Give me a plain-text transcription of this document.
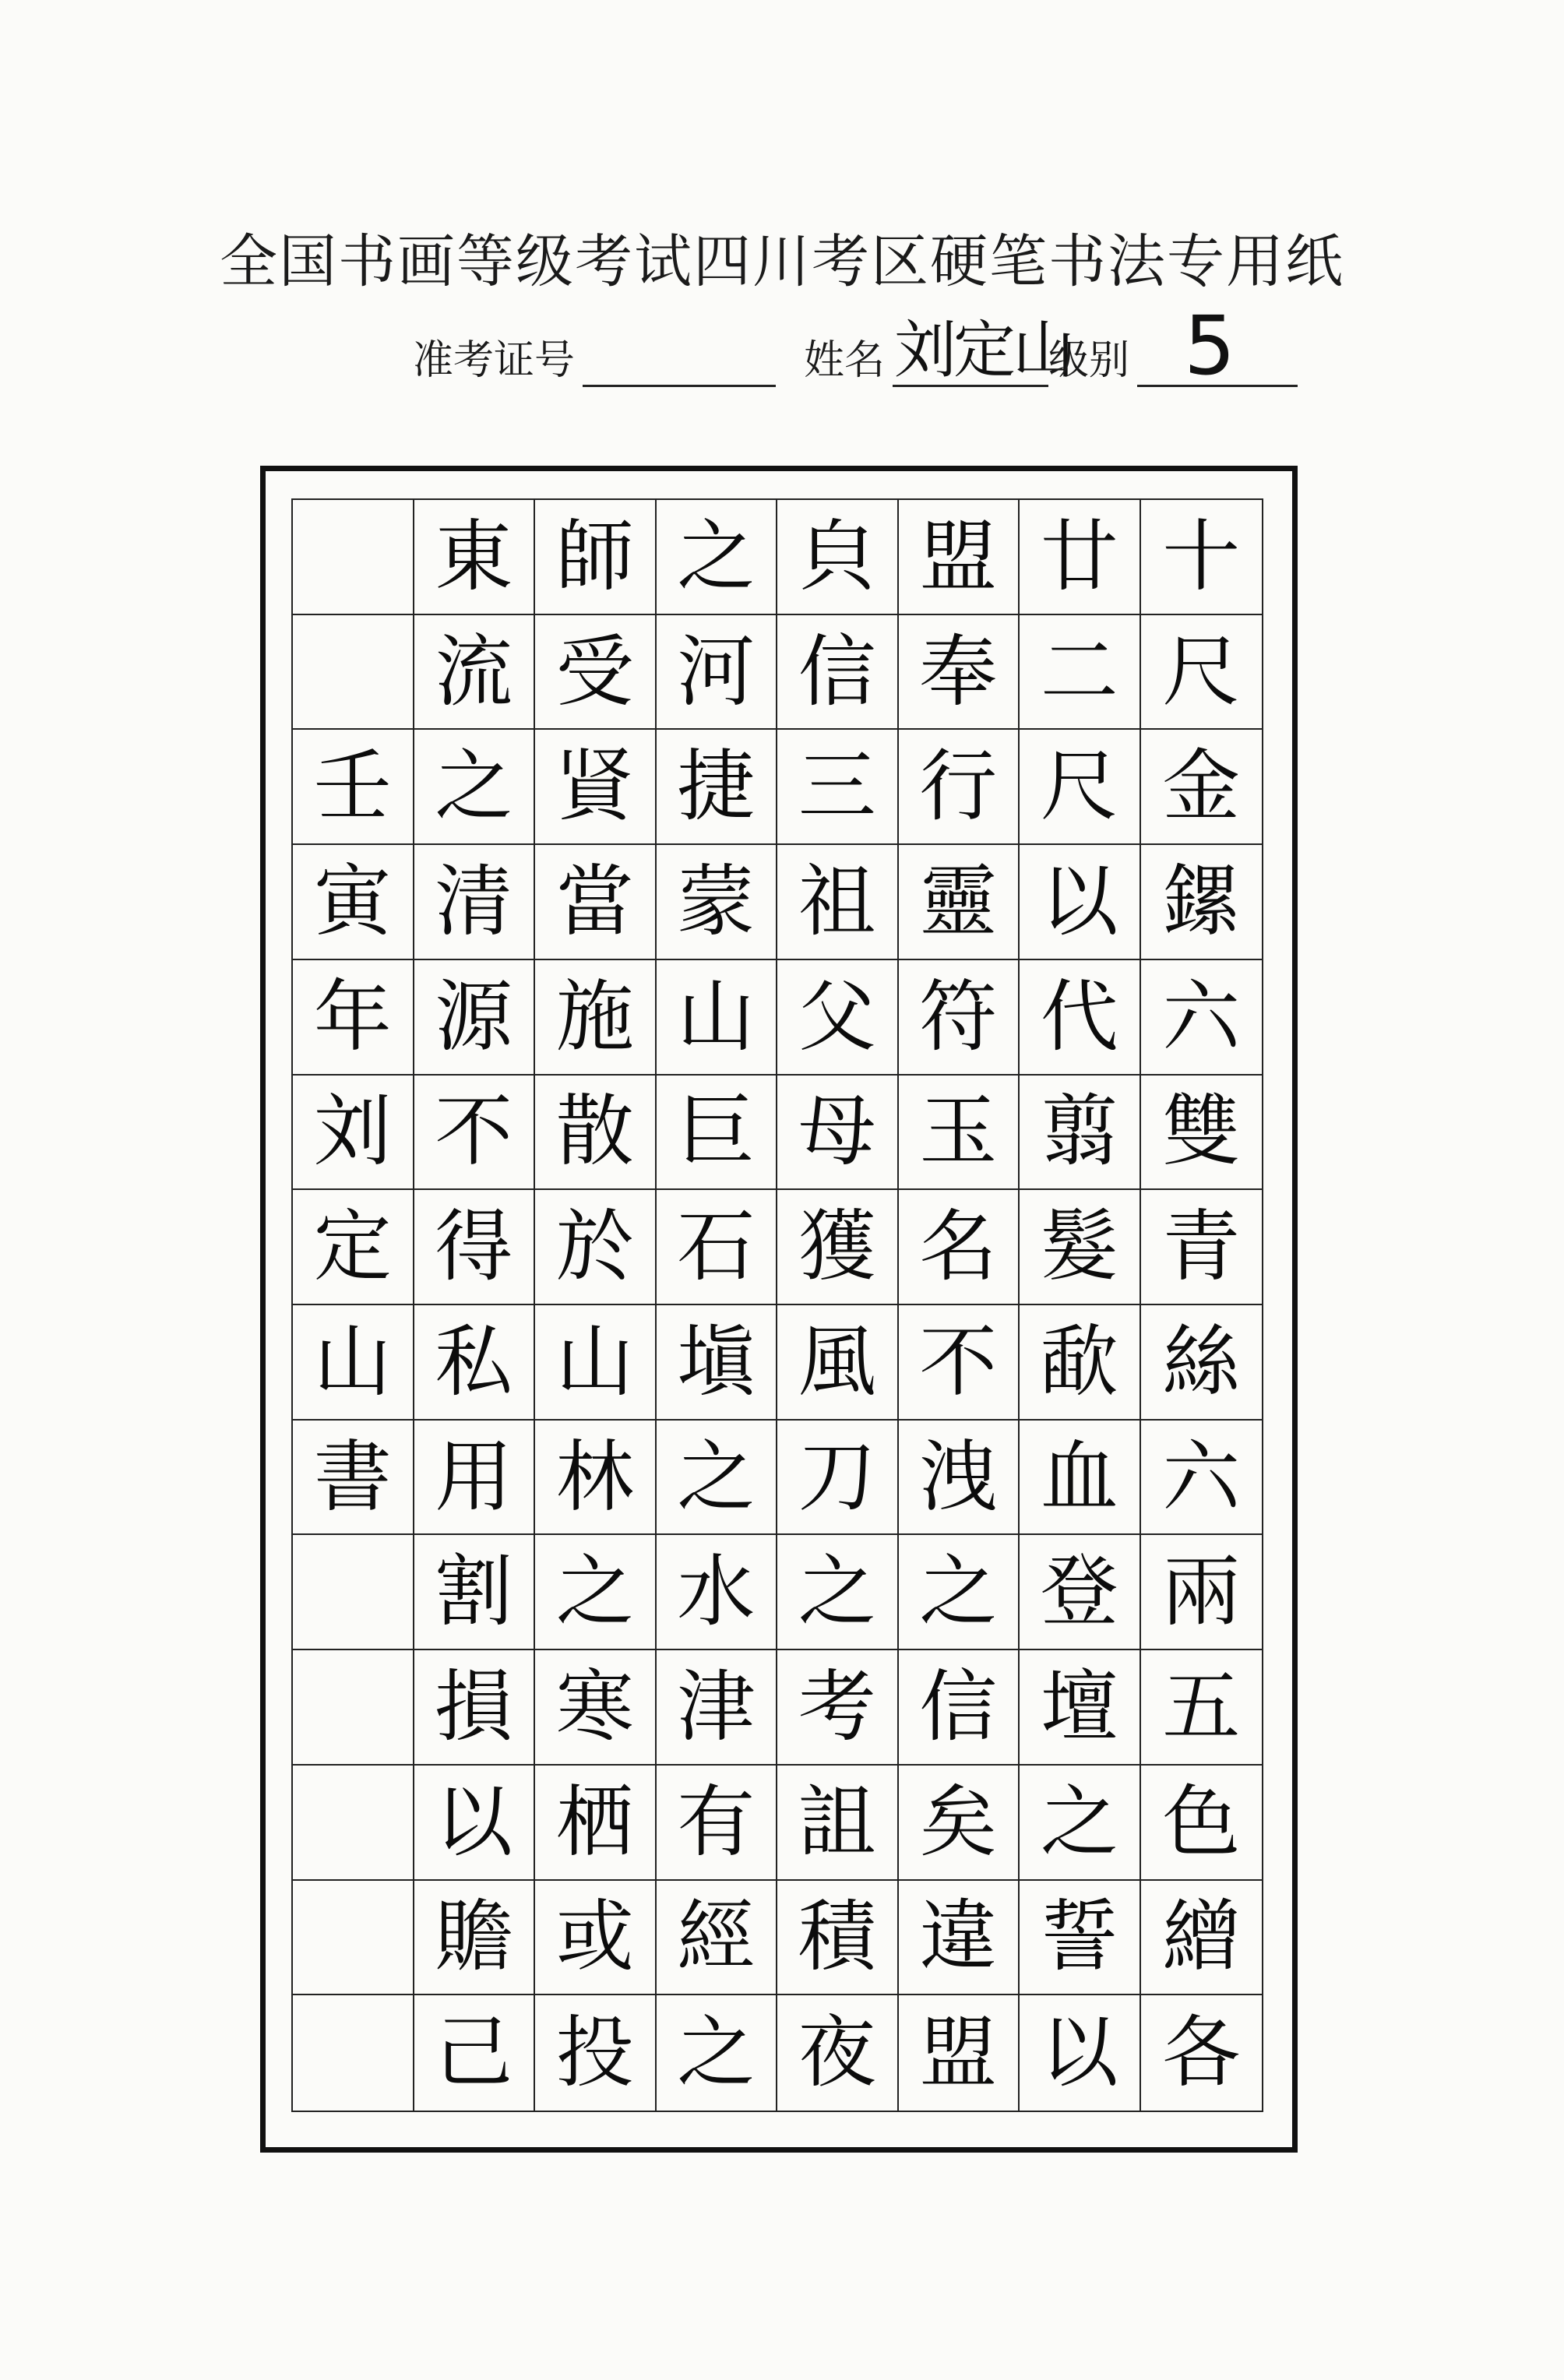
全国书画等级考试四川考区硬笔书法专用纸
准考证号	姓名 刘定山
级别 5
東 師 之 㒵 盟 廿 十
流 受 河 信 奉 二 尺
壬 之 䝨 捷 三 行 尺 金
寅 清 當 蒙 祖 靈 以 鏍
年 源 施 山 父 符 代 六
刘 不 散 巨 母 玉 翦 雙
定 得 於 石 獲 名 髮 青
山 私 山 塡 風 不 歃 絲
書 用 林 之 刀 洩 血 六
割 之 水 之 之 登 兩
損 寒 津 考 信 壇 五
以 栖 有 詛 矣 之 色
贍 或 經 積 違 誓 繒
己 投 之 夜 盟 以 各
